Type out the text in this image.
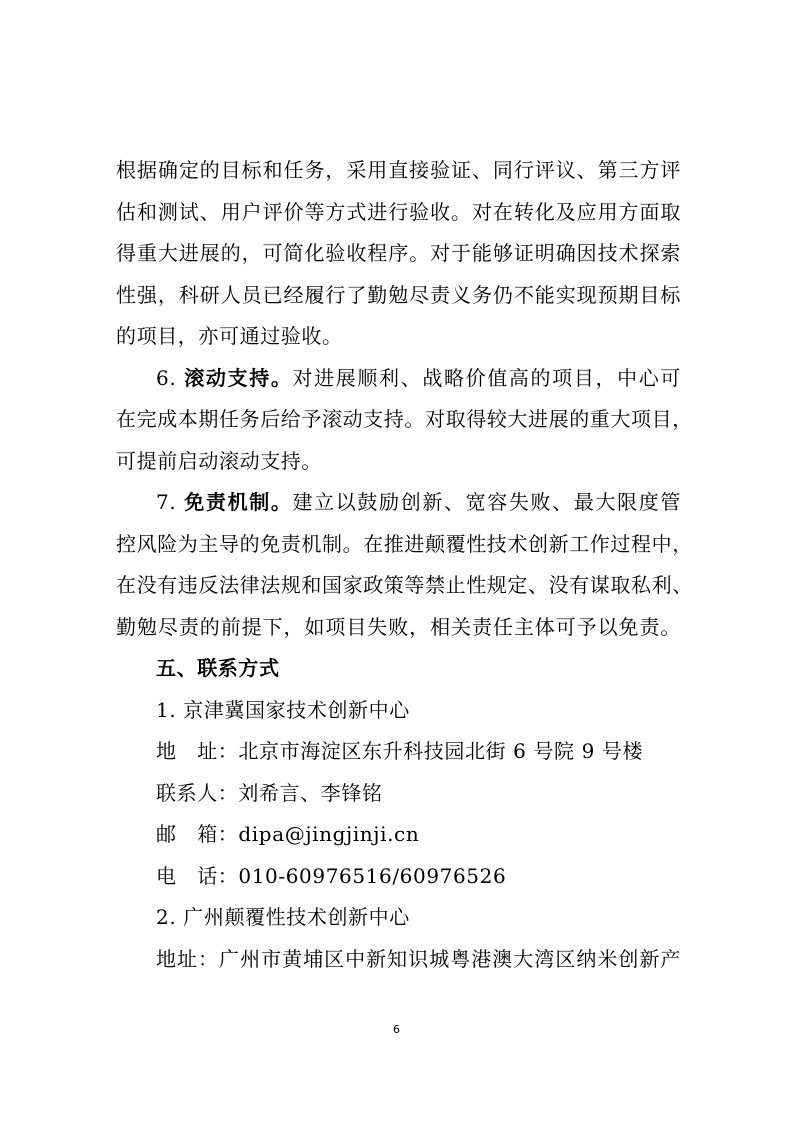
根据确定的目标和任务，采用直接验证、同行评议、第三方评
估和测试、用户评价等方式进行验收。对在转化及应用方面取
得重大进展的，可简化验收程序。对于能够证明确因技术探索
性强，科研人员已经履行了勤勉尽责义务仍不能实现预期目标
的项目，亦可通过验收。
6. 滚动支持。对进展顺利、战略价值高的项目，中心可
在完成本期任务后给予滚动支持。对取得较大进展的重大项目，
可提前启动滚动支持。
7. 免责机制。建立以鼓励创新、宽容失败、最大限度管
控风险为主导的免责机制。在推进颠覆性技术创新工作过程中，
在没有违反法律法规和国家政策等禁止性规定、没有谋取私利、
勤勉尽责的前提下，如项目失败，相关责任主体可予以免责。
五、联系方式
1. 京津冀国家技术创新中心
地　址：北京市海淀区东升科技园北街 6 号院 9 号楼
联系人：刘希言、李锋铭
邮　箱：dipa@jingjinji.cn
电　话：010-60976516/60976526
2. 广州颠覆性技术创新中心
地址：广州市黄埔区中新知识城粤港澳大湾区纳米创新产
6
